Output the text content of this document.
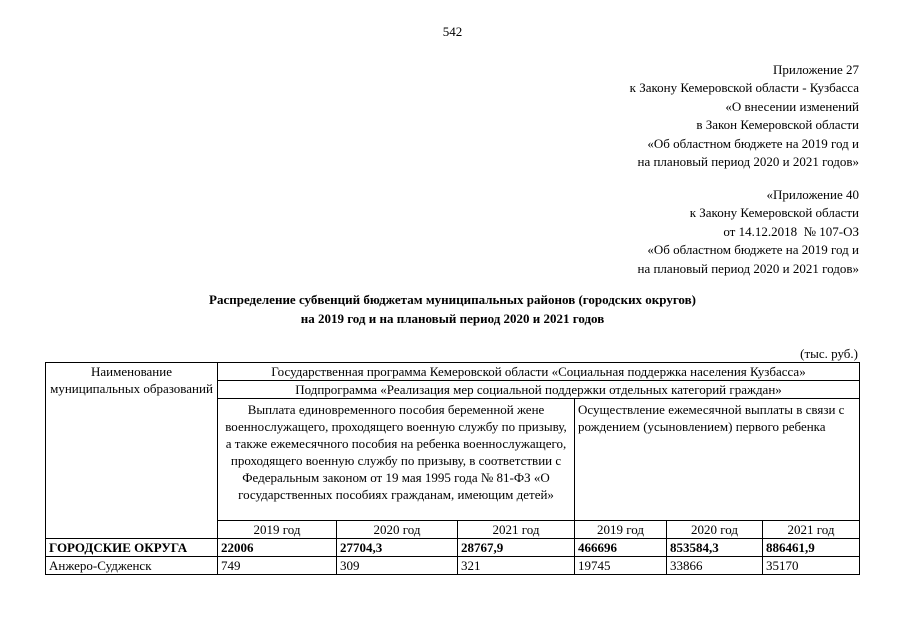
542
Приложение 27
к Закону Кемеровской области - Кузбасса
«О внесении изменений
в Закон Кемеровской области
«Об областном бюджете на 2019 год и
на плановый период 2020 и 2021 годов»
«Приложение 40
к Закону Кемеровской области
от 14.12.2018  № 107-ОЗ
«Об областном бюджете на 2019 год и
на плановый период 2020 и 2021 годов»
Распределение субвенций бюджетам муниципальных районов (городских округов)
на 2019 год и на плановый период 2020 и 2021 годов
(тыс. руб.)
Наименование муниципальных образований	Государственная программа Кемеровской области «Социальная поддержка населения Кузбасса»					
	Подпрограмма «Реализация мер социальной поддержки отдельных категорий граждан»					
	Выплата единовременного пособия беременной жене военнослужащего, проходящего военную службу по призыву, а также ежемесячного пособия на ребенка военнослужащего, проходящего военную службу по призыву, в соответствии с Федеральным законом от 19 мая 1995 года № 81-ФЗ «О государственных пособиях гражданам, имеющим детей»			Осуществление ежемесячной выплаты в связи с рождением (усыновлением) первого ребенка		
	2019 год	2020 год	2021 год	2019 год	2020 год	2021 год
ГОРОДСКИЕ ОКРУГА	22006	27704,3	28767,9	466696	853584,3	886461,9
Анжеро-Судженск	749	309	321	19745	33866	35170
